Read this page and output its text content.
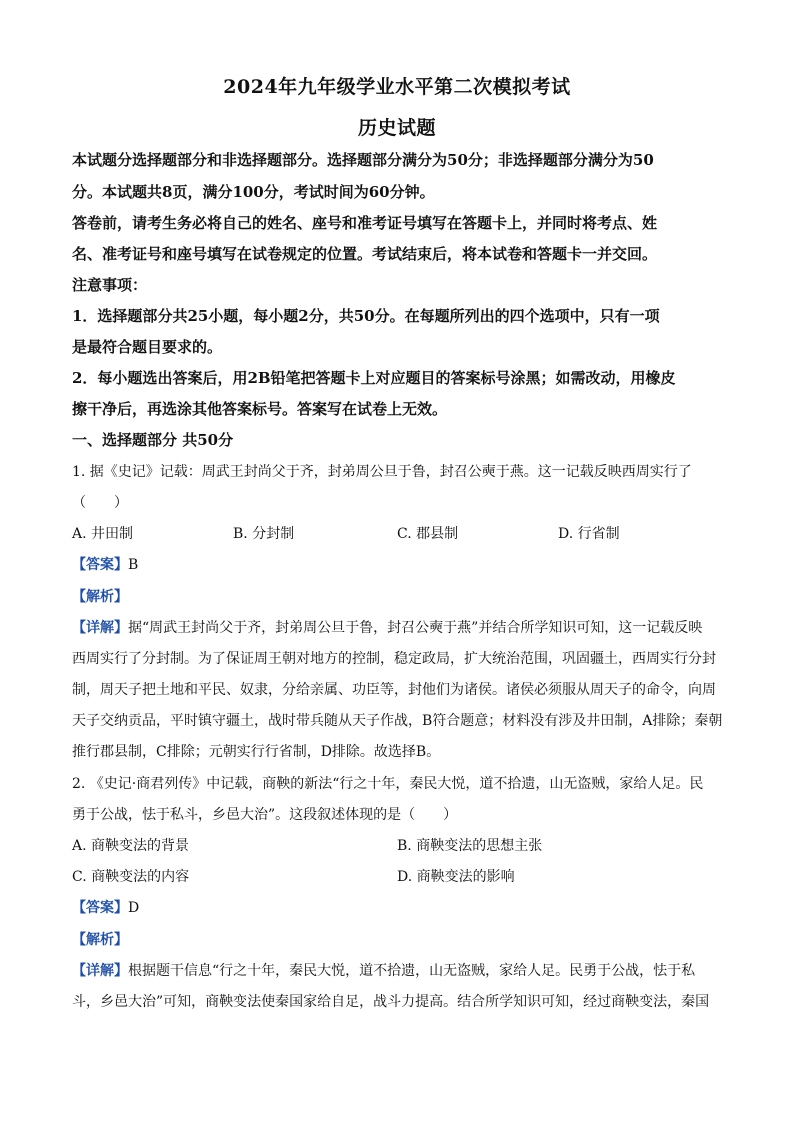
2024年九年级学业水平第二次模拟考试
历史试题
本试题分选择题部分和非选择题部分。选择题部分满分为50分；非选择题部分满分为50
分。本试题共8页，满分100分，考试时间为60分钟。
答卷前，请考生务必将自己的姓名、座号和准考证号填写在答题卡上，并同时将考点、姓
名、准考证号和座号填写在试卷规定的位置。考试结束后，将本试卷和答题卡一并交回。
注意事项：
1．选择题部分共25小题，每小题2分，共50分。在每题所列出的四个选项中，只有一项
是最符合题目要求的。
2．每小题选出答案后，用2B铅笔把答题卡上对应题目的答案标号涂黑；如需改动，用橡皮
擦干净后，再选涂其他答案标号。答案写在试卷上无效。
一、选择题部分 共50分
1. 据《史记》记载：周武王封尚父于齐，封弟周公旦于鲁，封召公奭于燕。这一记载反映西周实行了
（　　）
A. 井田制	B. 分封制	C. 郡县制	D. 行省制
【答案】B
【解析】
【详解】据“周武王封尚父于齐，封弟周公旦于鲁，封召公奭于燕”并结合所学知识可知，这一记载反映
西周实行了分封制。为了保证周王朝对地方的控制，稳定政局，扩大统治范围，巩固疆土，西周实行分封
制，周天子把土地和平民、奴隶，分给亲属、功臣等，封他们为诸侯。诸侯必须服从周天子的命令，向周
天子交纳贡品，平时镇守疆土，战时带兵随从天子作战，B符合题意；材料没有涉及井田制，A排除；秦朝
推行郡县制，C排除；元朝实行行省制，D排除。故选择B。
2. 《史记·商君列传》中记载，商鞅的新法“行之十年，秦民大悦，道不拾遗，山无盗贼，家给人足。民
勇于公战，怯于私斗，乡邑大治”。这段叙述体现的是（　　）
A. 商鞅变法的背景	B. 商鞅变法的思想主张
C. 商鞅变法的内容	D. 商鞅变法的影响
【答案】D
【解析】
【详解】根据题干信息“行之十年，秦民大悦，道不拾遗，山无盗贼，家给人足。民勇于公战，怯于私
斗，乡邑大治”可知，商鞅变法使秦国家给自足，战斗力提高。结合所学知识可知，经过商鞅变法，秦国
